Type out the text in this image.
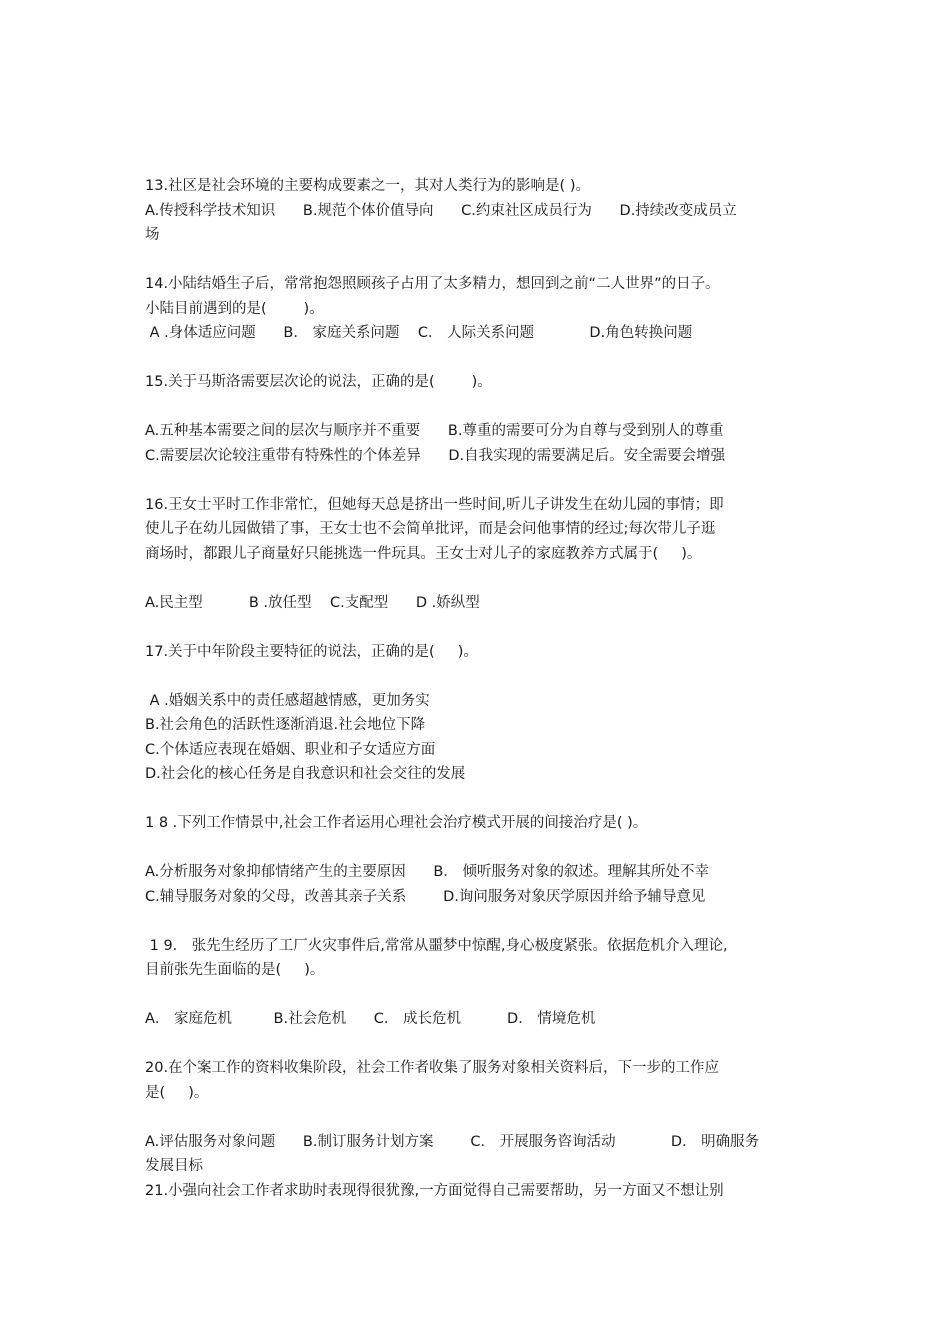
13.社区是社会环境的主要构成要素之一，其对人类行为的影响是( )。
A.传授科学技术知识      B.规范个体价值导向      C.约束社区成员行为      D.持续改变成员立
场
14.小陆结婚生子后，常常抱怨照顾孩子占用了太多精力，想回到之前“二人世界”的日子。
小陆目前遇到的是(        )。
A .身体适应问题      B． 家庭关系问题    C． 人际关系问题            D.角色转换问题
15.关于马斯洛需要层次论的说法，正确的是(        )。
A.五种基本需要之间的层次与顺序并不重要      B.尊重的需要可分为自尊与受到别人的尊重
C.需要层次论较注重带有特殊性的个体差异      D.自我实现的需要满足后。安全需要会增强
16.王女士平时工作非常忙，但她每天总是挤出一些时间,听儿子讲发生在幼儿园的事情；即
使儿子在幼儿园做错了事，王女士也不会简单批评，而是会问他事情的经过;每次带儿子逛
商场时，都跟儿子商量好只能挑选一件玩具。王女士对儿子的家庭教养方式属于(     )。
A.民主型          B .放任型    C.支配型      D .娇纵型
17.关于中年阶段主要特征的说法，正确的是(     )。
A .婚姻关系中的责任感超越情感，更加务实
B.社会角色的活跃性逐渐消退.社会地位下降
C.个体适应表现在婚姻、职业和子女适应方面
D.社会化的核心任务是自我意识和社会交往的发展
1 8 .下列工作情景中,社会工作者运用心理社会治疗模式开展的间接治疗是( )。
A.分析服务对象抑郁情绪产生的主要原因      B． 倾听服务对象的叙述。理解其所处不幸
C.辅导服务对象的父母，改善其亲子关系        D.询问服务对象厌学原因并给予辅导意见
1 9． 张先生经历了工厂火灾事件后,常常从噩梦中惊醒,身心极度紧张。依据危机介入理论,
目前张先生面临的是(     )。
A． 家庭危机         B.社会危机      C． 成长危机          D． 情境危机
20.在个案工作的资料收集阶段，社会工作者收集了服务对象相关资料后，下一步的工作应
是(     )。
A.评估服务对象问题      B.制订服务计划方案        C． 开展服务咨询活动            D． 明确服务
发展目标
21.小强向社会工作者求助时表现得很犹豫,一方面觉得自己需要帮助，另一方面又不想让别
